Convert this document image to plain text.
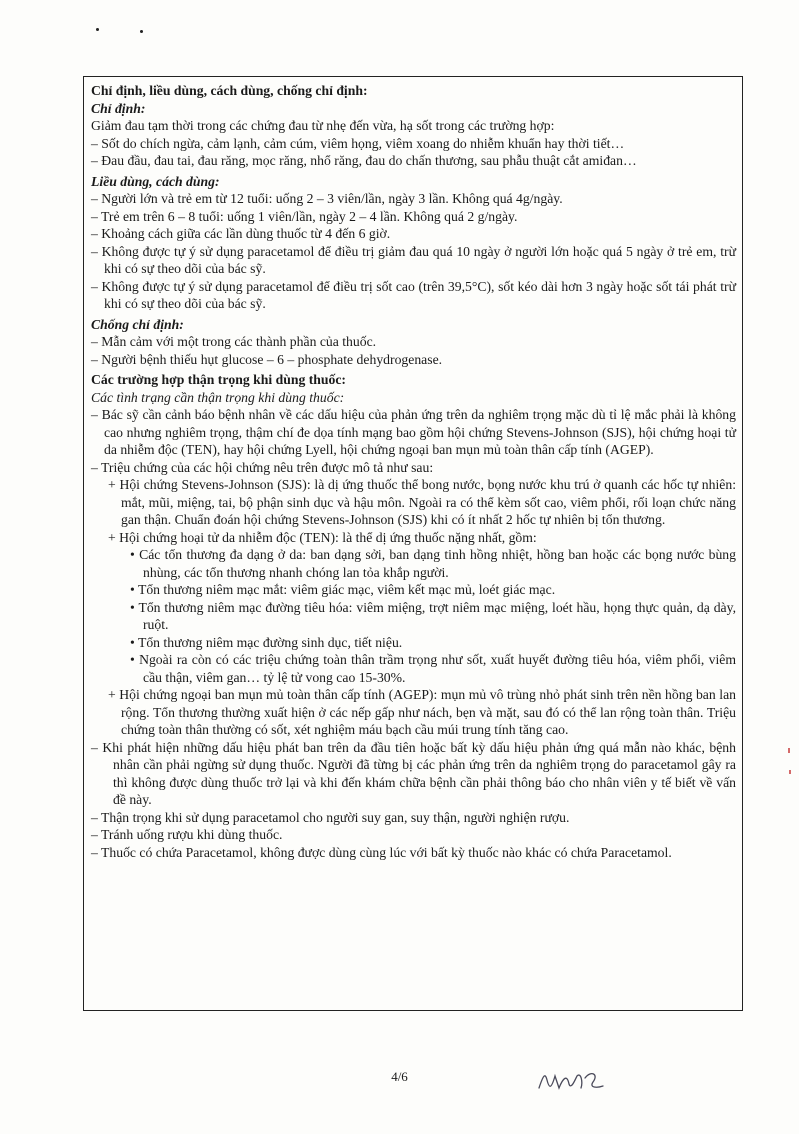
Chỉ định, liều dùng, cách dùng, chống chỉ định:
Chỉ định:
Giảm đau tạm thời trong các chứng đau từ nhẹ đến vừa, hạ sốt trong các trường hợp:
– Sốt do chích ngừa, cảm lạnh, cảm cúm, viêm họng, viêm xoang do nhiễm khuẩn hay thời tiết…
– Đau đầu, đau tai, đau răng, mọc răng, nhổ răng, đau do chấn thương, sau phẫu thuật cắt amiđan…
Liều dùng, cách dùng:
– Người lớn và trẻ em từ 12 tuổi: uống 2 – 3 viên/lần, ngày 3 lần. Không quá 4g/ngày.
– Trẻ em trên 6 – 8 tuổi: uống 1 viên/lần, ngày 2 – 4 lần. Không quá 2 g/ngày.
– Khoảng cách giữa các lần dùng thuốc từ 4 đến 6 giờ.
– Không được tự ý sử dụng paracetamol để điều trị giảm đau quá 10 ngày ở người lớn hoặc quá 5 ngày ở trẻ em, trừ khi có sự theo dõi của bác sỹ.
– Không được tự ý sử dụng paracetamol để điều trị sốt cao (trên 39,5°C), sốt kéo dài hơn 3 ngày hoặc sốt tái phát trừ khi có sự theo dõi của bác sỹ.
Chống chỉ định:
– Mẫn cảm với một trong các thành phần của thuốc.
– Người bệnh thiếu hụt glucose – 6 – phosphate dehydrogenase.
Các trường hợp thận trọng khi dùng thuốc:
Các tình trạng cần thận trọng khi dùng thuốc:
– Bác sỹ cần cảnh báo bệnh nhân về các dấu hiệu của phản ứng trên da nghiêm trọng mặc dù tỉ lệ mắc phải là không cao nhưng nghiêm trọng, thậm chí đe dọa tính mạng bao gồm hội chứng Stevens-Johnson (SJS), hội chứng hoại tử da nhiễm độc (TEN), hay hội chứng Lyell, hội chứng ngoại ban mụn mủ toàn thân cấp tính (AGEP).
– Triệu chứng của các hội chứng nêu trên được mô tả như sau:
+ Hội chứng Stevens-Johnson (SJS): là dị ứng thuốc thể bong nước, bọng nước khu trú ở quanh các hốc tự nhiên: mắt, mũi, miệng, tai, bộ phận sinh dục và hậu môn. Ngoài ra có thể kèm sốt cao, viêm phổi, rối loạn chức năng gan thận. Chuẩn đoán hội chứng Stevens-Johnson (SJS) khi có ít nhất 2 hốc tự nhiên bị tổn thương.
+ Hội chứng hoại tử da nhiễm độc (TEN): là thể dị ứng thuốc nặng nhất, gồm:
• Các tổn thương đa dạng ở da: ban dạng sởi, ban dạng tinh hồng nhiệt, hồng ban hoặc các bọng nước bùng nhùng, các tổn thương nhanh chóng lan tỏa khắp người.
• Tổn thương niêm mạc mắt: viêm giác mạc, viêm kết mạc mủ, loét giác mạc.
• Tổn thương niêm mạc đường tiêu hóa: viêm miệng, trợt niêm mạc miệng, loét hầu, họng thực quản, dạ dày, ruột.
• Tổn thương niêm mạc đường sinh dục, tiết niệu.
• Ngoài ra còn có các triệu chứng toàn thân trầm trọng như sốt, xuất huyết đường tiêu hóa, viêm phổi, viêm cầu thận, viêm gan… tỷ lệ tử vong cao 15-30%.
+ Hội chứng ngoại ban mụn mủ toàn thân cấp tính (AGEP): mụn mủ vô trùng nhỏ phát sinh trên nền hồng ban lan rộng. Tổn thương thường xuất hiện ở các nếp gấp như nách, bẹn và mặt, sau đó có thể lan rộng toàn thân. Triệu chứng toàn thân thường có sốt, xét nghiệm máu bạch cầu múi trung tính tăng cao.
– Khi phát hiện những dấu hiệu phát ban trên da đầu tiên hoặc bất kỳ dấu hiệu phản ứng quá mẫn nào khác, bệnh nhân cần phải ngừng sử dụng thuốc. Người đã từng bị các phản ứng trên da nghiêm trọng do paracetamol gây ra thì không được dùng thuốc trở lại và khi đến khám chữa bệnh cần phải thông báo cho nhân viên y tế biết về vấn đề này.
– Thận trọng khi sử dụng paracetamol cho người suy gan, suy thận, người nghiện rượu.
– Tránh uống rượu khi dùng thuốc.
– Thuốc có chứa Paracetamol, không được dùng cùng lúc với bất kỳ thuốc nào khác có chứa Paracetamol.
4/6
